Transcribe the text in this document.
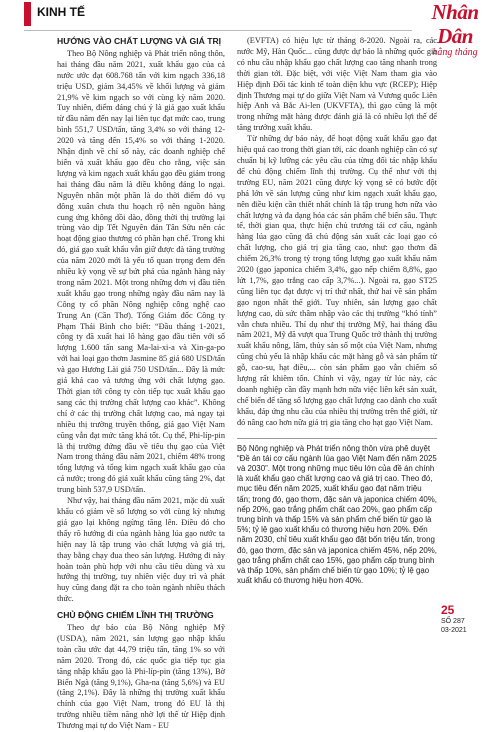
KINH TẾ	Nhân Dân
hằng tháng
HƯỚNG VÀO CHẤT LƯỢNG VÀ GIÁ TRỊ

Theo Bộ Nông nghiệp và Phát triển nông thôn, hai tháng đầu năm 2021, xuất khẩu gạo của cả nước ước đạt 608.768 tấn với kim ngạch 336,18 triệu USD, giảm 34,45% về khối lượng và giảm 21,9% về kim ngạch so với cùng kỳ năm 2020. Tuy nhiên, điểm đáng chú ý là giá gạo xuất khẩu từ đầu năm đến nay lại liên tục đạt mức cao, trung bình 551,7 USD/tấn, tăng 3,4% so với tháng 12-2020 và tăng đến 15,4% so với tháng 1-2020. Nhận định về chỉ số này, các doanh nghiệp chế biến và xuất khẩu gạo đều cho rằng, việc sản lượng và kim ngạch xuất khẩu gạo đều giảm trong hai tháng đầu năm là điều không đáng lo ngại. Nguyên nhân một phần là do thời điểm đó vụ đông xuân chưa thu hoạch rộ nên nguồn hàng cung ứng không dồi dào, đồng thời thị trường lại trùng vào dịp Tết Nguyên đán Tân Sửu nên các hoạt động giao thương có phần hạn chế. Trong khi đó, giá gạo xuất khẩu vẫn giữ được đà tăng trưởng của năm 2020 mới là yếu tố quan trọng đem đến nhiều kỳ vọng về sự bứt phá của ngành hàng này trong năm 2021. Một trong những đơn vị đầu tiên xuất khẩu gạo trong những ngày đầu năm nay là Công ty cổ phần Nông nghiệp công nghệ cao Trung An (Cần Thơ). Tổng Giám đốc Công ty Phạm Thái Bình cho biết: “Đầu tháng 1-2021, công ty đã xuất hai lô hàng gạo đầu tiên với số lượng 1.600 tấn sang Ma-lai-xi-a và Xin-ga-po với hai loại gạo thơm Jasmine 85 giá 680 USD/tấn và gạo Hương Lài giá 750 USD/tấn... Đây là mức giá khá cao và tương ứng với chất lượng gạo. Thời gian tới công ty còn tiếp tục xuất khẩu gạo sang các thị trường chất lượng cao khác”. Không chỉ ở các thị trường chất lượng cao, mà ngay tại nhiều thị trường truyền thống, giá gạo Việt Nam cũng vẫn đạt mức tăng khá tốt. Cụ thể, Phi-líp-pin là thị trường đứng đầu về tiêu thụ gạo của Việt Nam trong tháng đầu năm 2021, chiếm 48% trong tổng lượng và tổng kim ngạch xuất khẩu gạo của cả nước; trong đó giá xuất khẩu cũng tăng 2%, đạt trung bình 537,9 USD/tấn.

Như vậy, hai tháng đầu năm 2021, mặc dù xuất khẩu có giảm về số lượng so với cùng kỳ nhưng giá gạo lại không ngừng tăng lên. Điều đó cho thấy rõ hướng đi của ngành hàng lúa gạo nước ta hiện nay là tập trung vào chất lượng và giá trị, thay bằng chạy đua theo sản lượng. Hướng đi này hoàn toàn phù hợp với nhu cầu tiêu dùng và xu hướng thị trường, tuy nhiên việc duy trì và phát huy cũng đang đặt ra cho toàn ngành nhiều thách thức.

CHỦ ĐỘNG CHIẾM LĨNH THỊ TRƯỜNG

Theo dự báo của Bộ Nông nghiệp Mỹ (USDA), năm 2021, sản lượng gạo nhập khẩu toàn cầu ước đạt 44,79 triệu tấn, tăng 1% so với năm 2020. Trong đó, các quốc gia tiếp tục gia tăng nhập khẩu gạo là Phi-líp-pin (tăng 13%), Bờ Biển Ngà (tăng 9,1%), Gha-na (tăng 5,6%) và EU (tăng 2,1%). Đây là những thị trường xuất khẩu chính của gạo Việt Nam, trong đó EU là thị trường nhiều tiềm năng nhờ lợi thế từ Hiệp định Thương mại tự do Việt Nam - EU

(EVFTA) có hiệu lực từ tháng 8-2020. Ngoài ra, các nước Mỹ, Hàn Quốc... cũng được dự báo là những quốc gia có nhu cầu nhập khẩu gạo chất lượng cao tăng nhanh trong thời gian tới. Đặc biệt, với việc Việt Nam tham gia vào Hiệp định Đối tác kinh tế toàn diện khu vực (RCEP); Hiệp định Thương mại tự do giữa Việt Nam và Vương quốc Liên hiệp Anh và Bắc Ai-len (UKVFTA), thì gạo cũng là một trong những mặt hàng được đánh giá là có nhiều lợi thế để tăng trưởng xuất khẩu.

Từ những dự báo này, để hoạt động xuất khẩu gạo đạt hiệu quả cao trong thời gian tới, các doanh nghiệp cần có sự chuẩn bị kỹ lưỡng các yêu cầu của từng đối tác nhập khẩu để chủ động chiếm lĩnh thị trường. Cụ thể như với thị trường EU, năm 2021 cũng được kỳ vọng sẽ có bước đột phá lớn về sản lượng cũng như kim ngạch xuất khẩu gạo, nên điều kiện cần thiết nhất chính là tập trung hơn nữa vào chất lượng và đa dạng hóa các sản phẩm chế biến sâu. Thực tế, thời gian qua, thực hiện chủ trương tái cơ cấu, ngành hàng lúa gạo cũng đã chủ động sản xuất các loại gạo có chất lượng, cho giá trị gia tăng cao, như: gạo thơm đã chiếm 26,3% trong tỷ trọng tổng lượng gạo xuất khẩu năm 2020 (gạo japonica chiếm 3,4%, gạo nếp chiếm 8,8%, gạo lứt 1,7%, gạo trắng cao cấp 3,7%...). Ngoài ra, gạo ST25 cũng liên tục đạt được vị trí thứ nhất, thứ hai về sản phẩm gạo ngon nhất thế giới. Tuy nhiên, sản lượng gạo chất lượng cao, dù sức thâm nhập vào các thị trường “khó tính” vẫn chưa nhiều. Thí dụ như thị trường Mỹ, hai tháng đầu năm 2021, Mỹ đã vượt qua Trung Quốc trở thành thị trường xuất khẩu nông, lâm, thủy sản số một của Việt Nam, nhưng cũng chủ yếu là nhập khẩu các mặt hàng gỗ và sản phẩm từ gỗ, cao-su, hạt điều,... còn sản phẩm gạo vẫn chiếm số lượng rất khiêm tốn. Chính vì vậy, ngay từ lúc này, các doanh nghiệp cần đầy mạnh hơn nữa việc liên kết sản xuất, chế biến để tăng số lượng gạo chất lượng cao dành cho xuất khẩu, đáp ứng nhu cầu của nhiều thị trường trên thế giới, từ đó nâng cao hơn nữa giá trị gia tăng cho hạt gạo Việt Nam.

Bộ Nông nghiệp và Phát triển nông thôn vừa phê duyệt “Đề án tái cơ cấu ngành lúa gạo Việt Nam đến năm 2025 và 2030”. Một trong những mục tiêu lớn của đề án chính là xuất khẩu gạo chất lượng cao và giá trị cao. Theo đó, mục tiêu đến năm 2025, xuất khẩu gạo đạt năm triệu tấn; trong đó, gạo thơm, đặc sản và japonica chiếm 40%, nếp 20%, gạo trắng phẩm chất cao 20%, gạo phẩm cấp trung bình và thấp 15% và sản phẩm chế biến từ gạo là 5%; tỷ lệ gạo xuất khẩu có thương hiệu hơn 20%. Đến năm 2030, chỉ tiêu xuất khẩu gạo đặt bốn triệu tấn, trong đó, gạo thơm, đặc sản và japonica chiếm 45%, nếp 20%, gạo trắng phẩm chất cao 15%, gạo phẩm cấp trung bình và thấp 10%, sản phẩm chế biến từ gạo 10%; tỷ lệ gạo xuất khẩu có thương hiệu hơn 40%.
25
SỐ 287
03-2021
